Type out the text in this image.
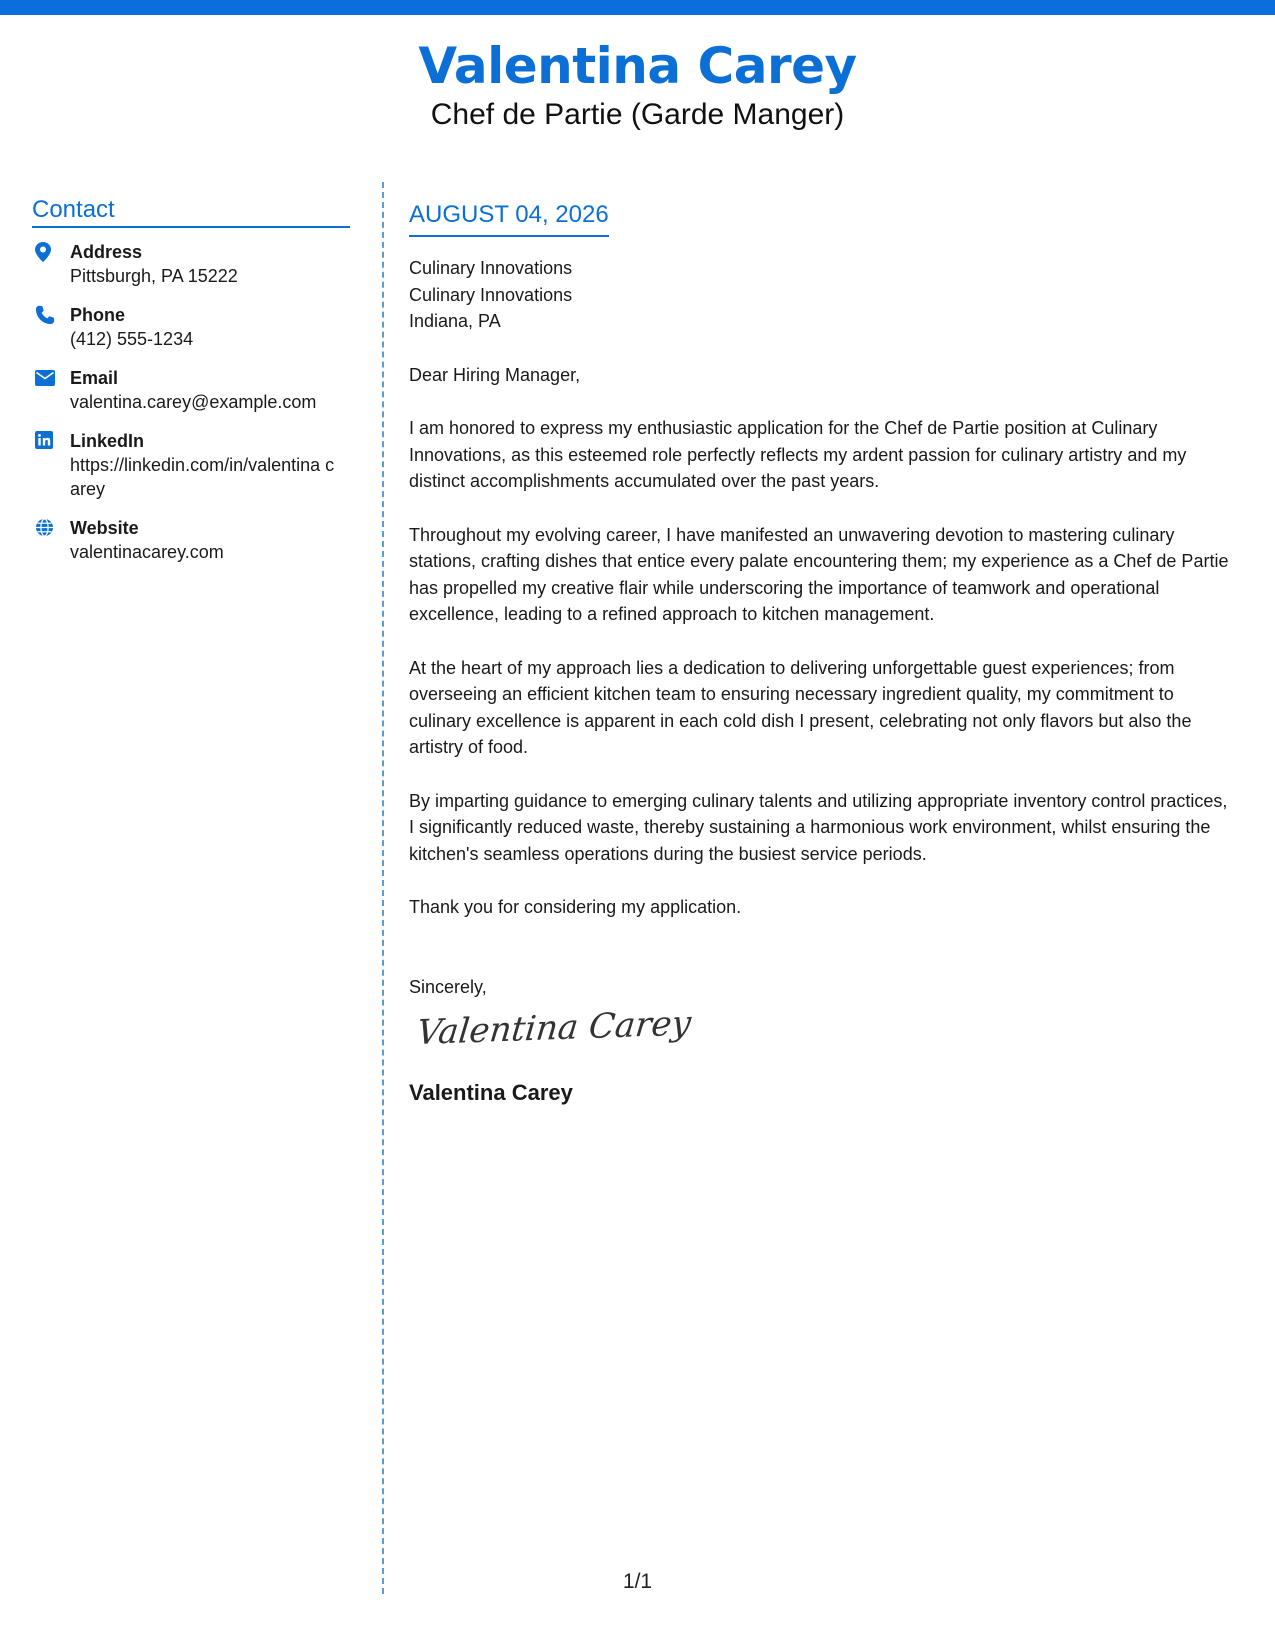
Valentina Carey
Chef de Partie (Garde Manger)
Contact
Address
Pittsburgh, PA 15222
Phone
(412) 555-1234
Email
valentina.carey@example.com
LinkedIn
https://linkedin.com/in/valentina carey
Website
valentinacarey.com
AUGUST 04, 2026
Culinary Innovations
Culinary Innovations
Indiana, PA
Dear Hiring Manager,
I am honored to express my enthusiastic application for the Chef de Partie position at Culinary Innovations, as this esteemed role perfectly reflects my ardent passion for culinary artistry and my distinct accomplishments accumulated over the past years.
Throughout my evolving career, I have manifested an unwavering devotion to mastering culinary stations, crafting dishes that entice every palate encountering them; my experience as a Chef de Partie has propelled my creative flair while underscoring the importance of teamwork and operational excellence, leading to a refined approach to kitchen management.
At the heart of my approach lies a dedication to delivering unforgettable guest experiences; from overseeing an efficient kitchen team to ensuring necessary ingredient quality, my commitment to culinary excellence is apparent in each cold dish I present, celebrating not only flavors but also the artistry of food.
By imparting guidance to emerging culinary talents and utilizing appropriate inventory control practices, I significantly reduced waste, thereby sustaining a harmonious work environment, whilst ensuring the kitchen's seamless operations during the busiest service periods.
Thank you for considering my application.
Sincerely,
Valentina Carey
Valentina Carey
1/1
